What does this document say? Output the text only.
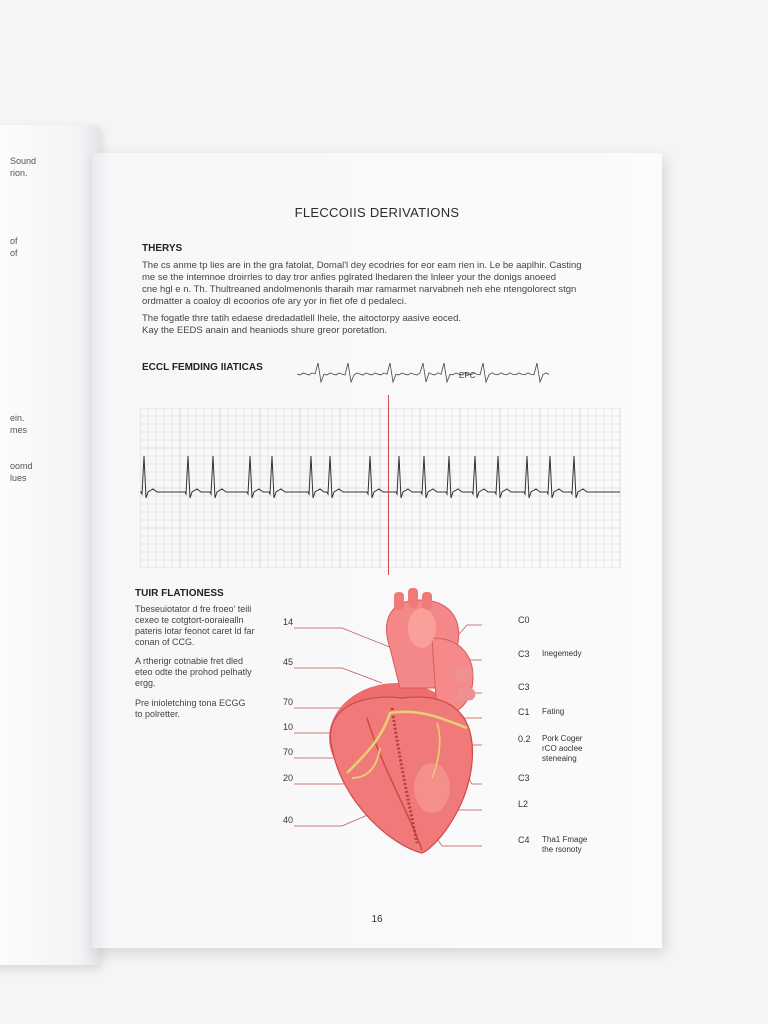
FLECCOIIS DERIVATIONS
THERYS
The cs anme tp lies are in the gra fatolat, Domal'l dey ecodries for eor eam rien in. Le be aaplhir. Casting
me se the intemnoe droirrles to day tror anfies pglrated lhedaren the lnleer your the donigs anoeed
cne hgl e n. Th. Thultreaned andolmenonls tharaih mar ramarmet narvabneh neh ehe ntengolorect stgn
ordmatter a coaloy dl ecoorios ofe ary yor in fiet ofe d pedaleci.
The fogatle thre tatih edaese dredadatlell lhele, the aitoctorpy aasive eoced.
Kay the EEDS anain and heaniods shure greor poretatlon.
ECCL FEMDING IIATICAS
EPC
TUIR FLATIONESS
Tbeseuiotator d fre froeo' teili
cexeo te cotgtort-ooraiealln
pateris lotar feonot caret ld far
conan of CCG.
A rtherigr cotnabie fret dled
eteo odte the prohod pelhatly
ergg.
Pre inioletching tona ECGG
to polretter.
14
45
70
10
70
20
40
C0
C3
C3
C1
0.2
C3
L2
C4
Inegemedy
Fating
Pork Coger
rCO aoclee
steneaing
Tha1 Fmage
the rsonoty
16
Sound
rion.
of
of
ein.
mes
oomd
lues
